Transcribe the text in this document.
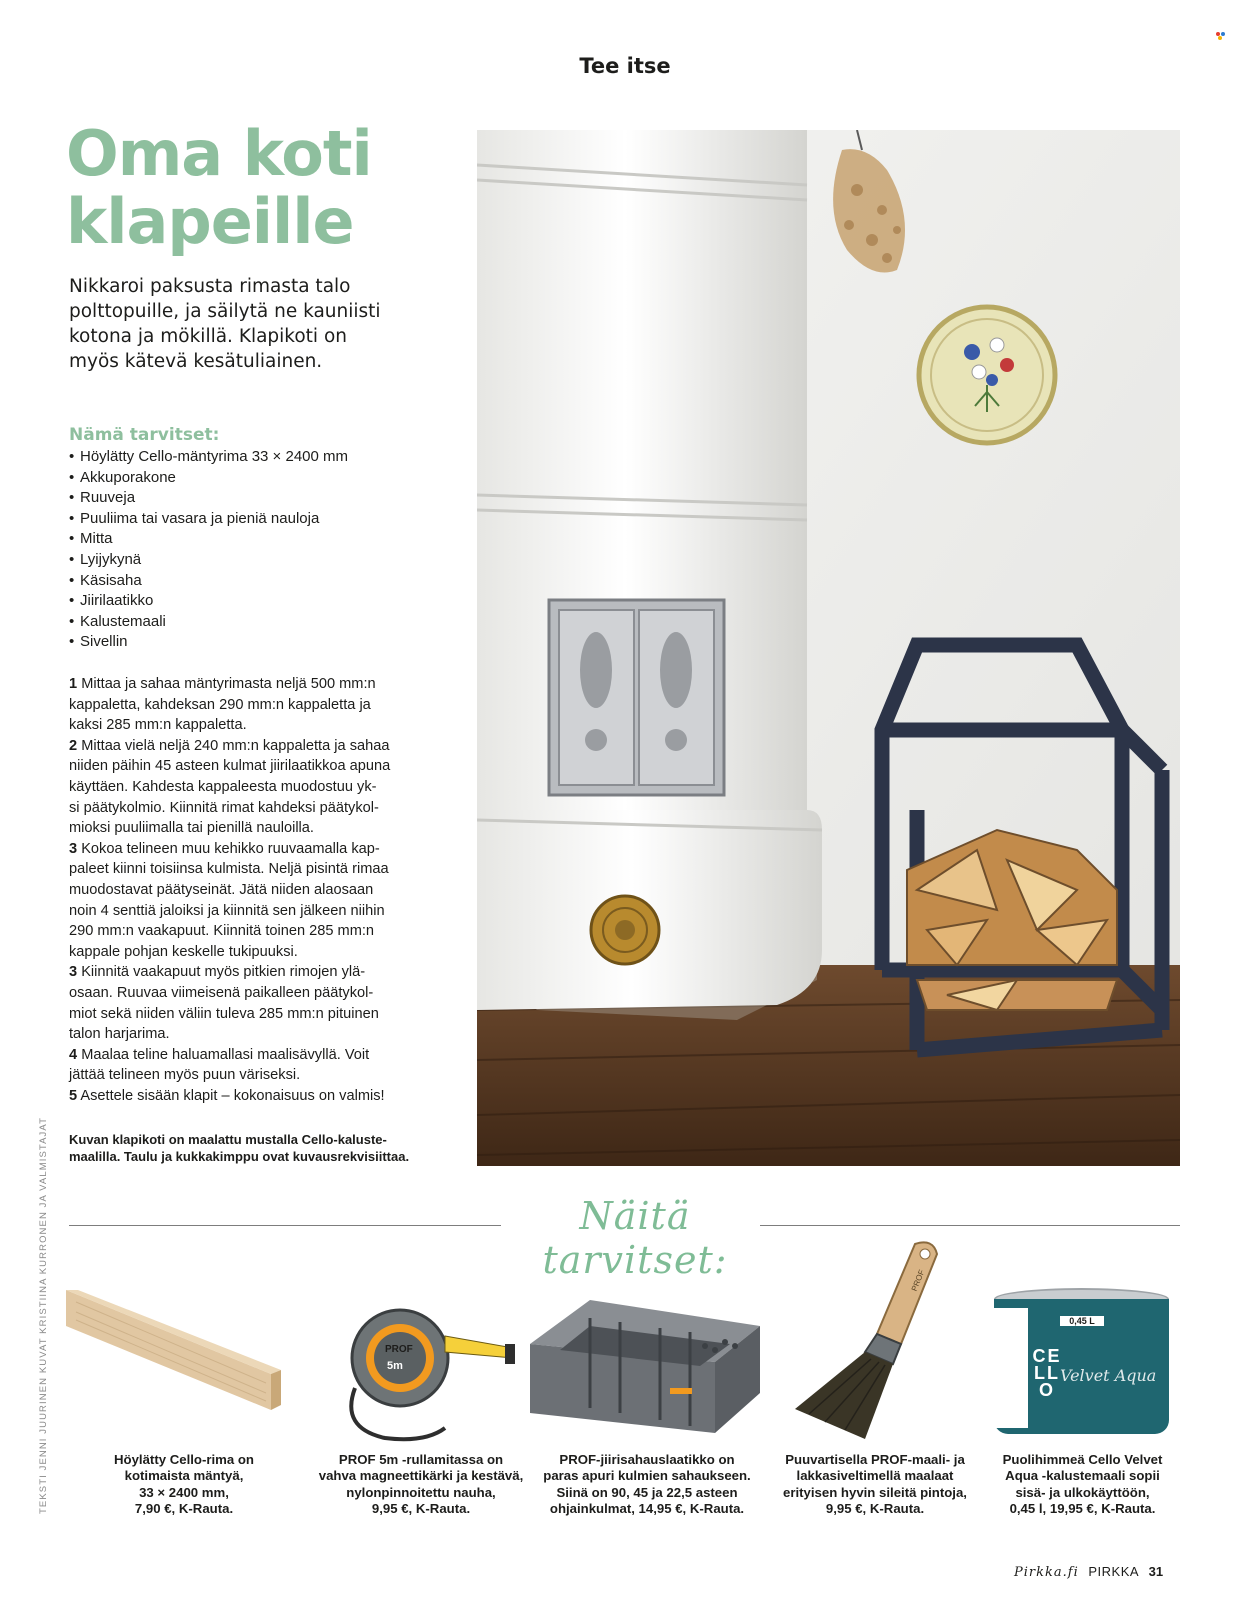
Tee itse
Oma koti
klapeille
Nikkaroi paksusta rimasta talo
polttopuille, ja säilytä ne kauniisti
kotona ja mökillä. Klapikoti on
myös kätevä kesätuliainen.
Nämä tarvitset:
• Höylätty Cello-mäntyrima 33 × 2400 mm
• Akkuporakone
• Ruuveja
• Puuliima tai vasara ja pieniä nauloja
• Mitta
• Lyijykynä
• Käsisaha
• Jiirilaatikko
• Kalustemaali
• Sivellin
1 Mittaa ja sahaa mäntyrimasta neljä 500 mm:n
kappaletta, kahdeksan 290 mm:n kappaletta ja
kaksi 285 mm:n kappaletta.
2 Mittaa vielä neljä 240 mm:n kappaletta ja sahaa
niiden päihin 45 asteen kulmat jiirilaatikkoa apuna
käyttäen. Kahdesta kappaleesta muodostuu yk-
si päätykolmio. Kiinnitä rimat kahdeksi päätykol-
mioksi puuliimalla tai pienillä nauloilla.
3 Kokoa telineen muu kehikko ruuvaamalla kap-
paleet kiinni toisiinsa kulmista. Neljä pisintä rimaa
muodostavat päätyseinät. Jätä niiden alaosaan
noin 4 senttiä jaloiksi ja kiinnitä sen jälkeen niihin
290 mm:n vaakapuut. Kiinnitä toinen 285 mm:n
kappale pohjan keskelle tukipuuksi.
3 Kiinnitä vaakapuut myös pitkien rimojen ylä-
osaan. Ruuvaa viimeisenä paikalleen päätykol-
miot sekä niiden väliin tuleva 285 mm:n pituinen
talon harjarima.
4 Maalaa teline haluamallasi maalisävyllä. Voit
jättää telineen myös puun väriseksi.
5 Asettele sisään klapit – kokonaisuus on valmis!
Kuvan klapikoti on maalattu mustalla Cello-kaluste-
maalilla. Taulu ja kukkakimppu ovat kuvausrekvisiittaa.
TEKSTI JENNI JUURINEN KUVAT KRISTIINA KURRONEN JA VALMISTAJAT	Näitä tarvitset:
Höylätty Cello-rima on
kotimaista mäntyä,
33 × 2400 mm,
7,90 €, K-Rauta.
PROF
5m
PROF 5m -rullamitassa on
vahva magneettikärki ja kestävä,
nylonpinnoitettu nauha,
9,95 €, K-Rauta.
PROF-jiirisahauslaatikko on
paras apuri kulmien sahaukseen.
Siinä on 90, 45 ja 22,5 asteen
ohjainkulmat, 14,95 €, K-Rauta.
PROF
Puuvartisella PROF-maali- ja
lakkasiveltimellä maalaat
erityisen hyvin sileitä pintoja,
9,95 €, K-Rauta.
CELLO
0,45 L
Velvet Aqua
Puolihimmeä Cello Velvet
Aqua -kalustemaali sopii
sisä- ja ulkokäyttöön,
0,45 l, 19,95 €, K-Rauta.
Pirkka.fi PIRKKA 31
